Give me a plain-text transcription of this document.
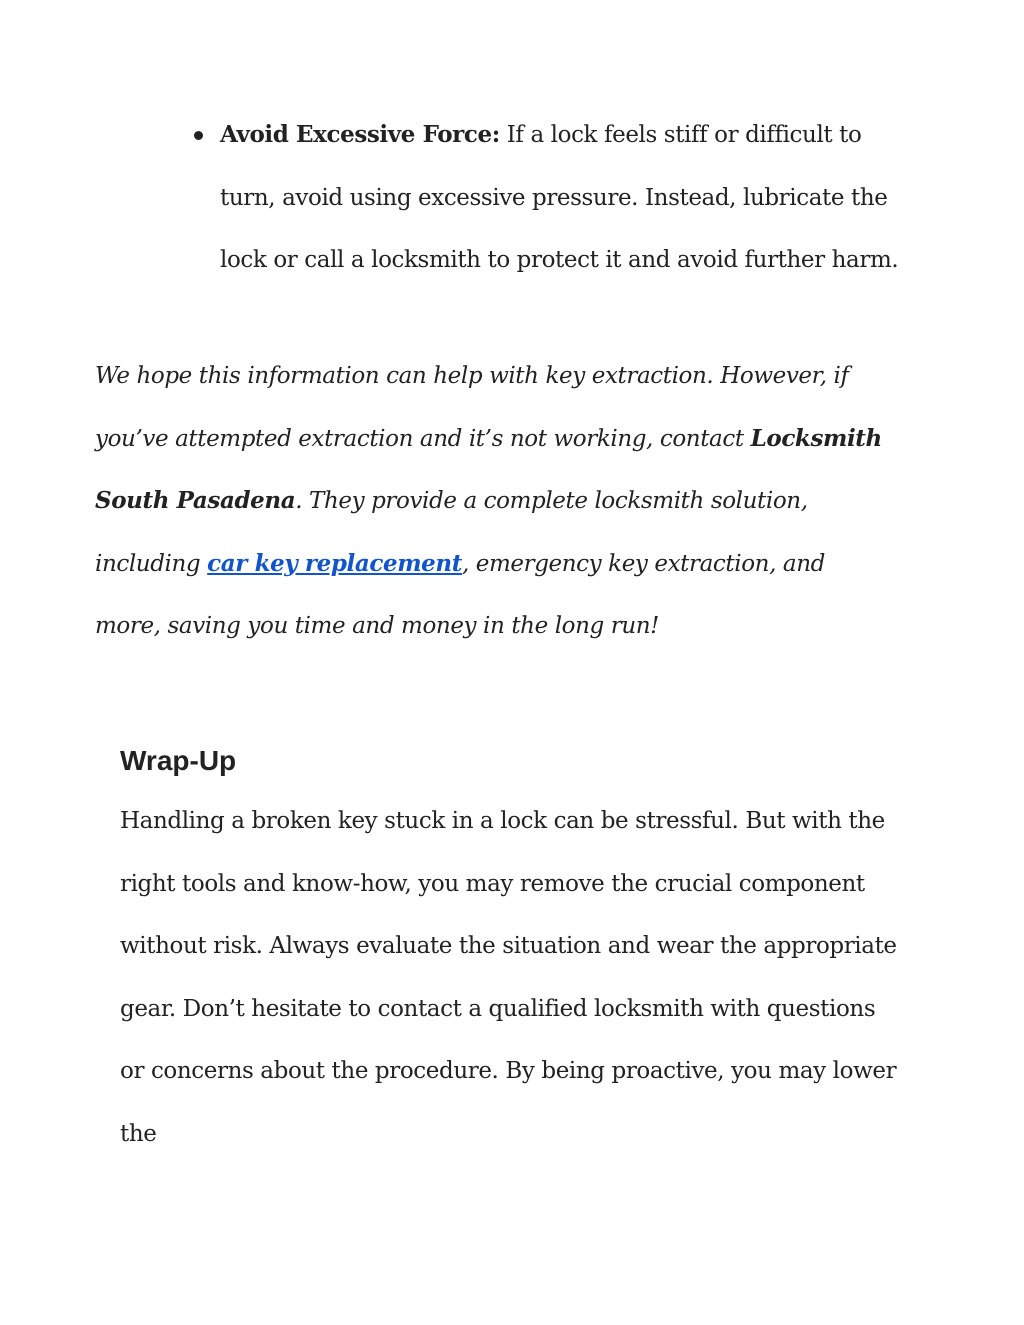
Avoid Excessive Force: If a lock feels stiff or difficult to turn, avoid using excessive pressure. Instead, lubricate the lock or call a locksmith to protect it and avoid further harm.

We hope this information can help with key extraction. However, if you’ve attempted extraction and it’s not working, contact Locksmith South Pasadena. They provide a complete locksmith solution, including car key replacement, emergency key extraction, and more, saving you time and money in the long run!

Wrap-Up

Handling a broken key stuck in a lock can be stressful. But with the right tools and know-how, you may remove the crucial component without risk. Always evaluate the situation and wear the appropriate gear. Don’t hesitate to contact a qualified locksmith with questions or concerns about the procedure. By being proactive, you may lower the
